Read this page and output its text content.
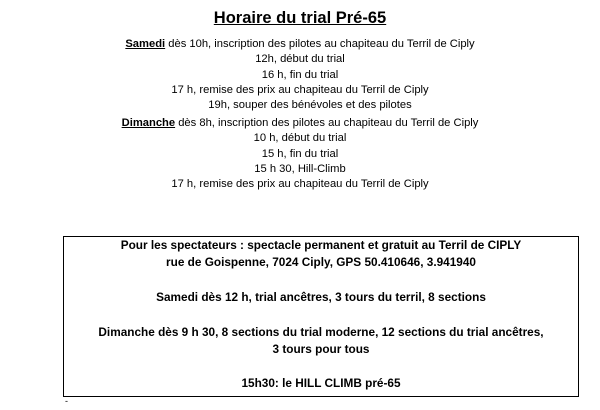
Horaire du trial Pré-65
Samedi dès 10h, inscription des pilotes au chapiteau du Terril de Ciply
12h, début du trial
16 h, fin du trial
17 h, remise des prix au chapiteau du Terril de Ciply
19h, souper des bénévoles et des pilotes
Dimanche dès 8h, inscription des pilotes au chapiteau du Terril de Ciply
10 h, début du trial
15 h, fin du trial
15 h 30, Hill-Climb
17 h, remise des prix au chapiteau du Terril de Ciply
Pour les spectateurs : spectacle permanent et gratuit au Terril de CIPLY
rue de Goispenne, 7024 Ciply, GPS 50.410646, 3.941940
Samedi dès 12 h, trial ancêtres, 3 tours du terril, 8 sections
Dimanche dès 9 h 30, 8 sections du trial moderne, 12 sections du trial ancêtres,
3 tours pour tous
15h30: le HILL CLIMB pré-65
-
